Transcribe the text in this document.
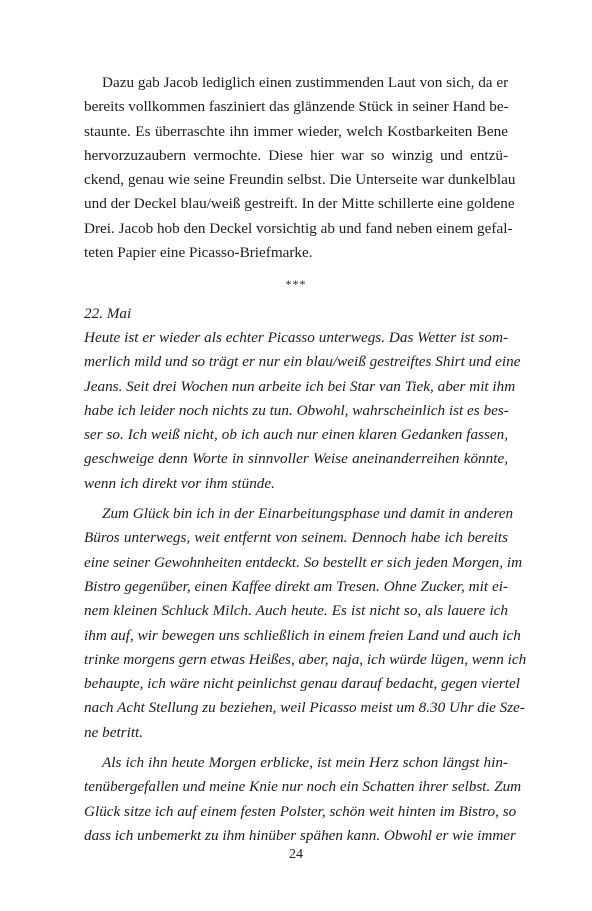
Dazu gab Jacob lediglich einen zustimmenden Laut von sich, da er
bereits vollkommen fasziniert das glänzende Stück in seiner Hand be-
staunte. Es überraschte ihn immer wieder, welch Kostbarkeiten Bene
hervorzuzaubern vermochte. Diese hier war so winzig und entzü-
ckend, genau wie seine Freundin selbst. Die Unterseite war dunkelblau
und der Deckel blau/weiß gestreift. In der Mitte schillerte eine goldene
Drei. Jacob hob den Deckel vorsichtig ab und fand neben einem gefal-
teten Papier eine Picasso-Briefmarke.
***
22. Mai
Heute ist er wieder als echter Picasso unterwegs. Das Wetter ist som-
merlich mild und so trägt er nur ein blau/weiß gestreiftes Shirt und eine
Jeans. Seit drei Wochen nun arbeite ich bei Star van Tiek, aber mit ihm
habe ich leider noch nichts zu tun. Obwohl, wahrscheinlich ist es bes-
ser so. Ich weiß nicht, ob ich auch nur einen klaren Gedanken fassen,
geschweige denn Worte in sinnvoller Weise aneinanderreihen könnte,
wenn ich direkt vor ihm stünde.
Zum Glück bin ich in der Einarbeitungsphase und damit in anderen
Büros unterwegs, weit entfernt von seinem. Dennoch habe ich bereits
eine seiner Gewohnheiten entdeckt. So bestellt er sich jeden Morgen, im
Bistro gegenüber, einen Kaffee direkt am Tresen. Ohne Zucker, mit ei-
nem kleinen Schluck Milch. Auch heute. Es ist nicht so, als lauere ich
ihm auf, wir bewegen uns schließlich in einem freien Land und auch ich
trinke morgens gern etwas Heißes, aber, naja, ich würde lügen, wenn ich
behaupte, ich wäre nicht peinlichst genau darauf bedacht, gegen viertel
nach Acht Stellung zu beziehen, weil Picasso meist um 8.30 Uhr die Sze-
ne betritt.
Als ich ihn heute Morgen erblicke, ist mein Herz schon längst hin-
tenübergefallen und meine Knie nur noch ein Schatten ihrer selbst. Zum
Glück sitze ich auf einem festen Polster, schön weit hinten im Bistro, so
dass ich unbemerkt zu ihm hinüber spähen kann. Obwohl er wie immer
24
